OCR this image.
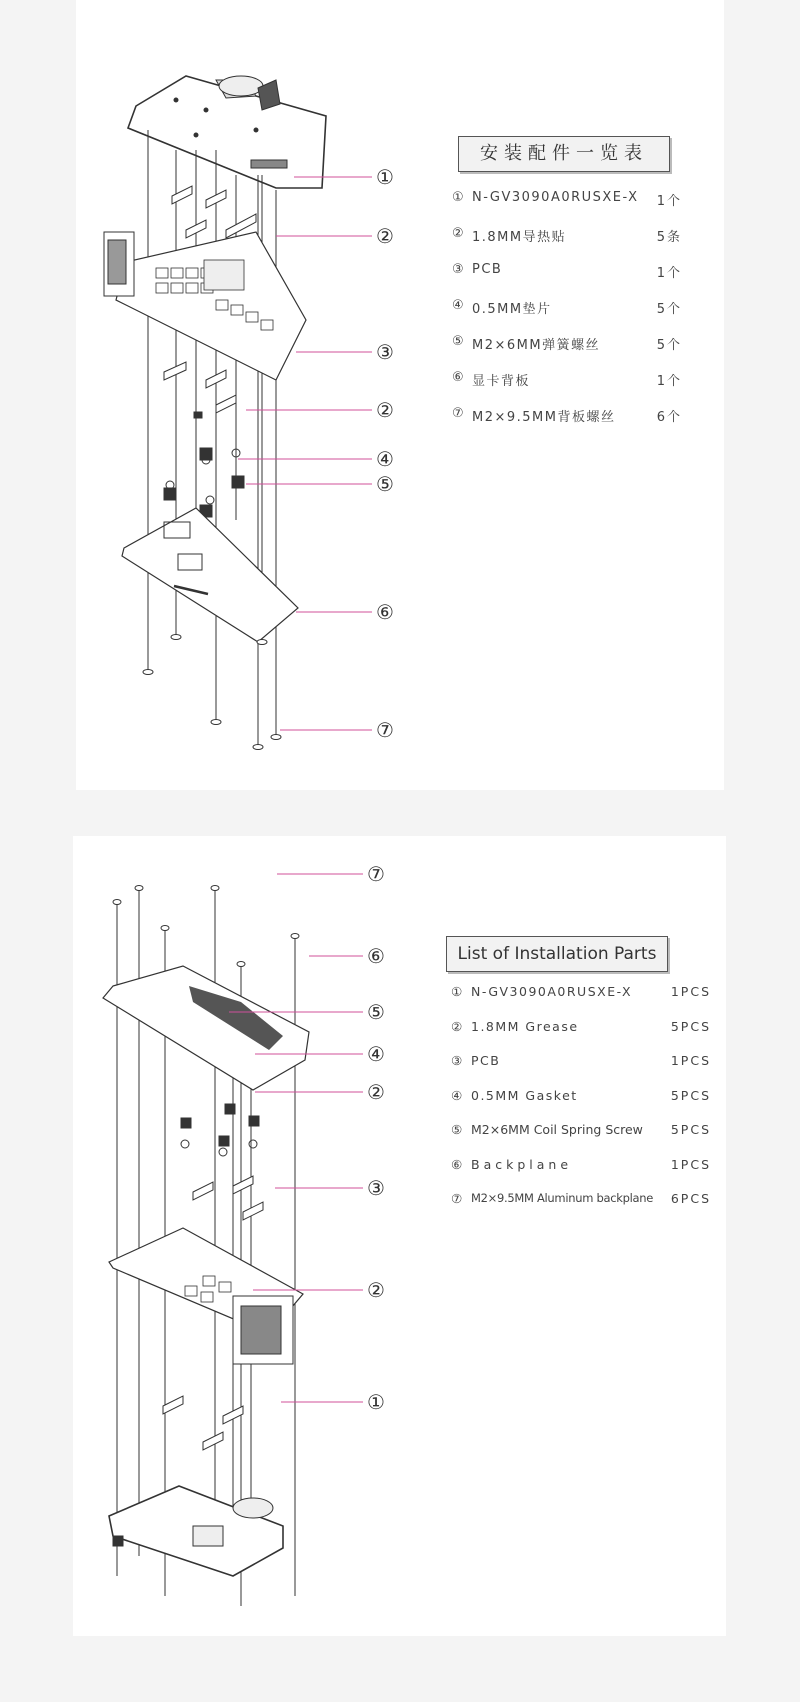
①
②
③
②
④
⑤
⑥
⑦
安装配件一览表
① N-GV3090A0RUSXE-X 1个
② 1.8MM导热贴	5条
③ PCB	1个
④ 0.5MM垫片	5个
⑤ M2×6MM弹簧螺丝	5个
⑥ 显卡背板	1个
⑦ M2×9.5MM背板螺丝	6个
⑦
⑥
⑤
④
②
③
②
①
List of Installation Parts
① N-GV3090A0RUSXE-X	1PCS
② 1.8MM Grease	5PCS
③ PCB	1PCS
④ 0.5MM Gasket	5PCS
⑤ M2×6MM Coil Spring Screw 5PCS
⑥ Backplane	1PCS
⑦ M2×9.5MM Aluminum backplane 6PCS
